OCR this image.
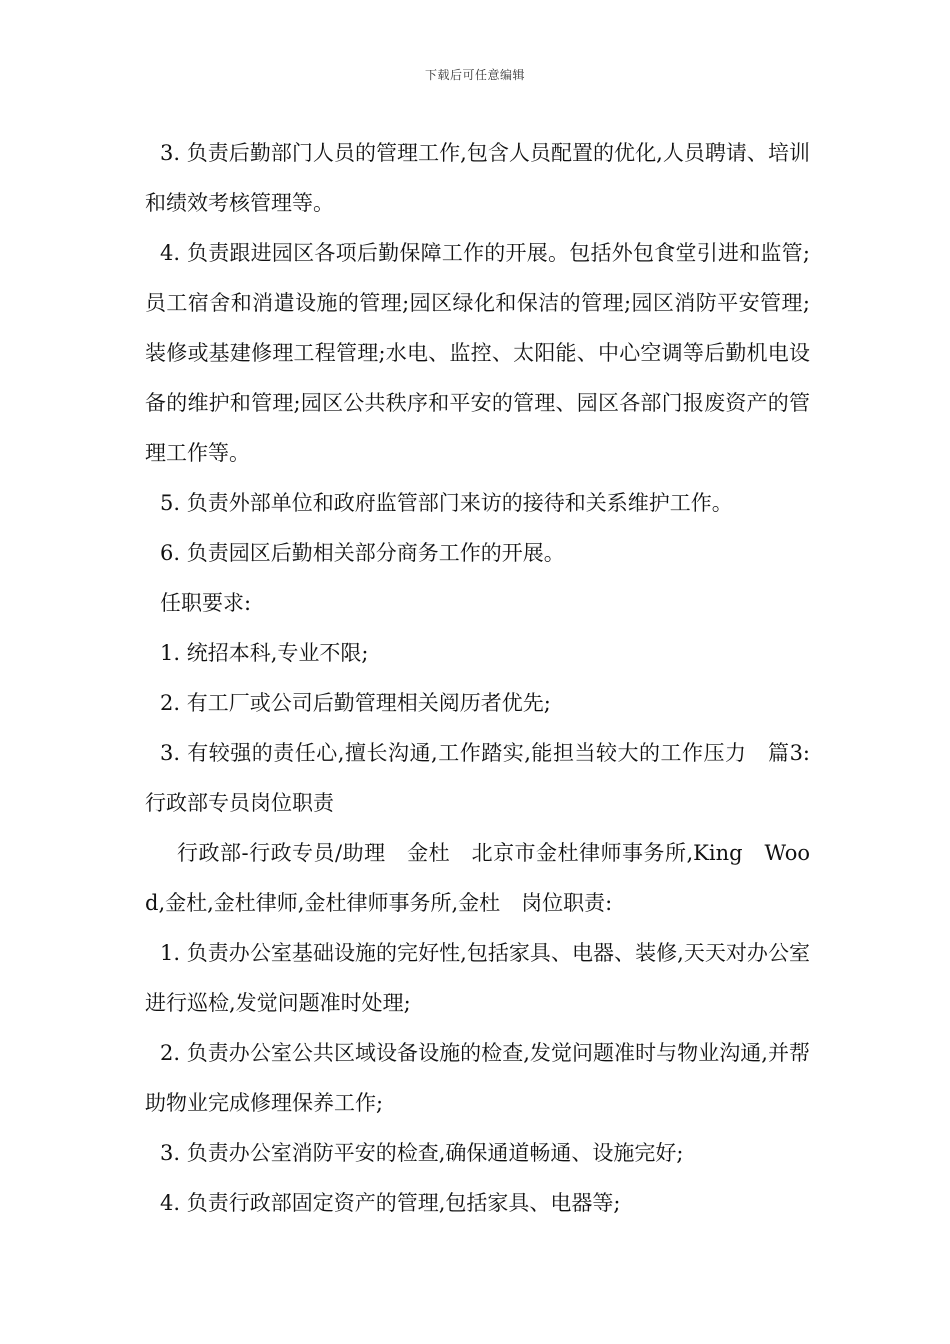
下载后可任意编辑

3. 负责后勤部门人员的管理工作,包含人员配置的优化,人员聘请、培训和绩效考核管理等。

4. 负责跟进园区各项后勤保障工作的开展。包括外包食堂引进和监管;员工宿舍和消遣设施的管理;园区绿化和保洁的管理;园区消防平安管理;装修或基建修理工程管理;水电、监控、太阳能、中心空调等后勤机电设备的维护和管理;园区公共秩序和平安的管理、园区各部门报废资产的管理工作等。

5. 负责外部单位和政府监管部门来访的接待和关系维护工作。

6. 负责园区后勤相关部分商务工作的开展。

任职要求:

1. 统招本科,专业不限;

2. 有工厂或公司后勤管理相关阅历者优先;

3. 有较强的责任心,擅长沟通,工作踏实,能担当较大的工作压力　篇3:行政部专员岗位职责

行政部-行政专员/助理　金杜　北京市金杜律师事务所,King　Wood,金杜,金杜律师,金杜律师事务所,金杜　岗位职责:

1. 负责办公室基础设施的完好性,包括家具、电器、装修,天天对办公室进行巡检,发觉问题准时处理;

2. 负责办公室公共区域设备设施的检查,发觉问题准时与物业沟通,并帮助物业完成修理保养工作;

3. 负责办公室消防平安的检查,确保通道畅通、设施完好;

4. 负责行政部固定资产的管理,包括家具、电器等;
